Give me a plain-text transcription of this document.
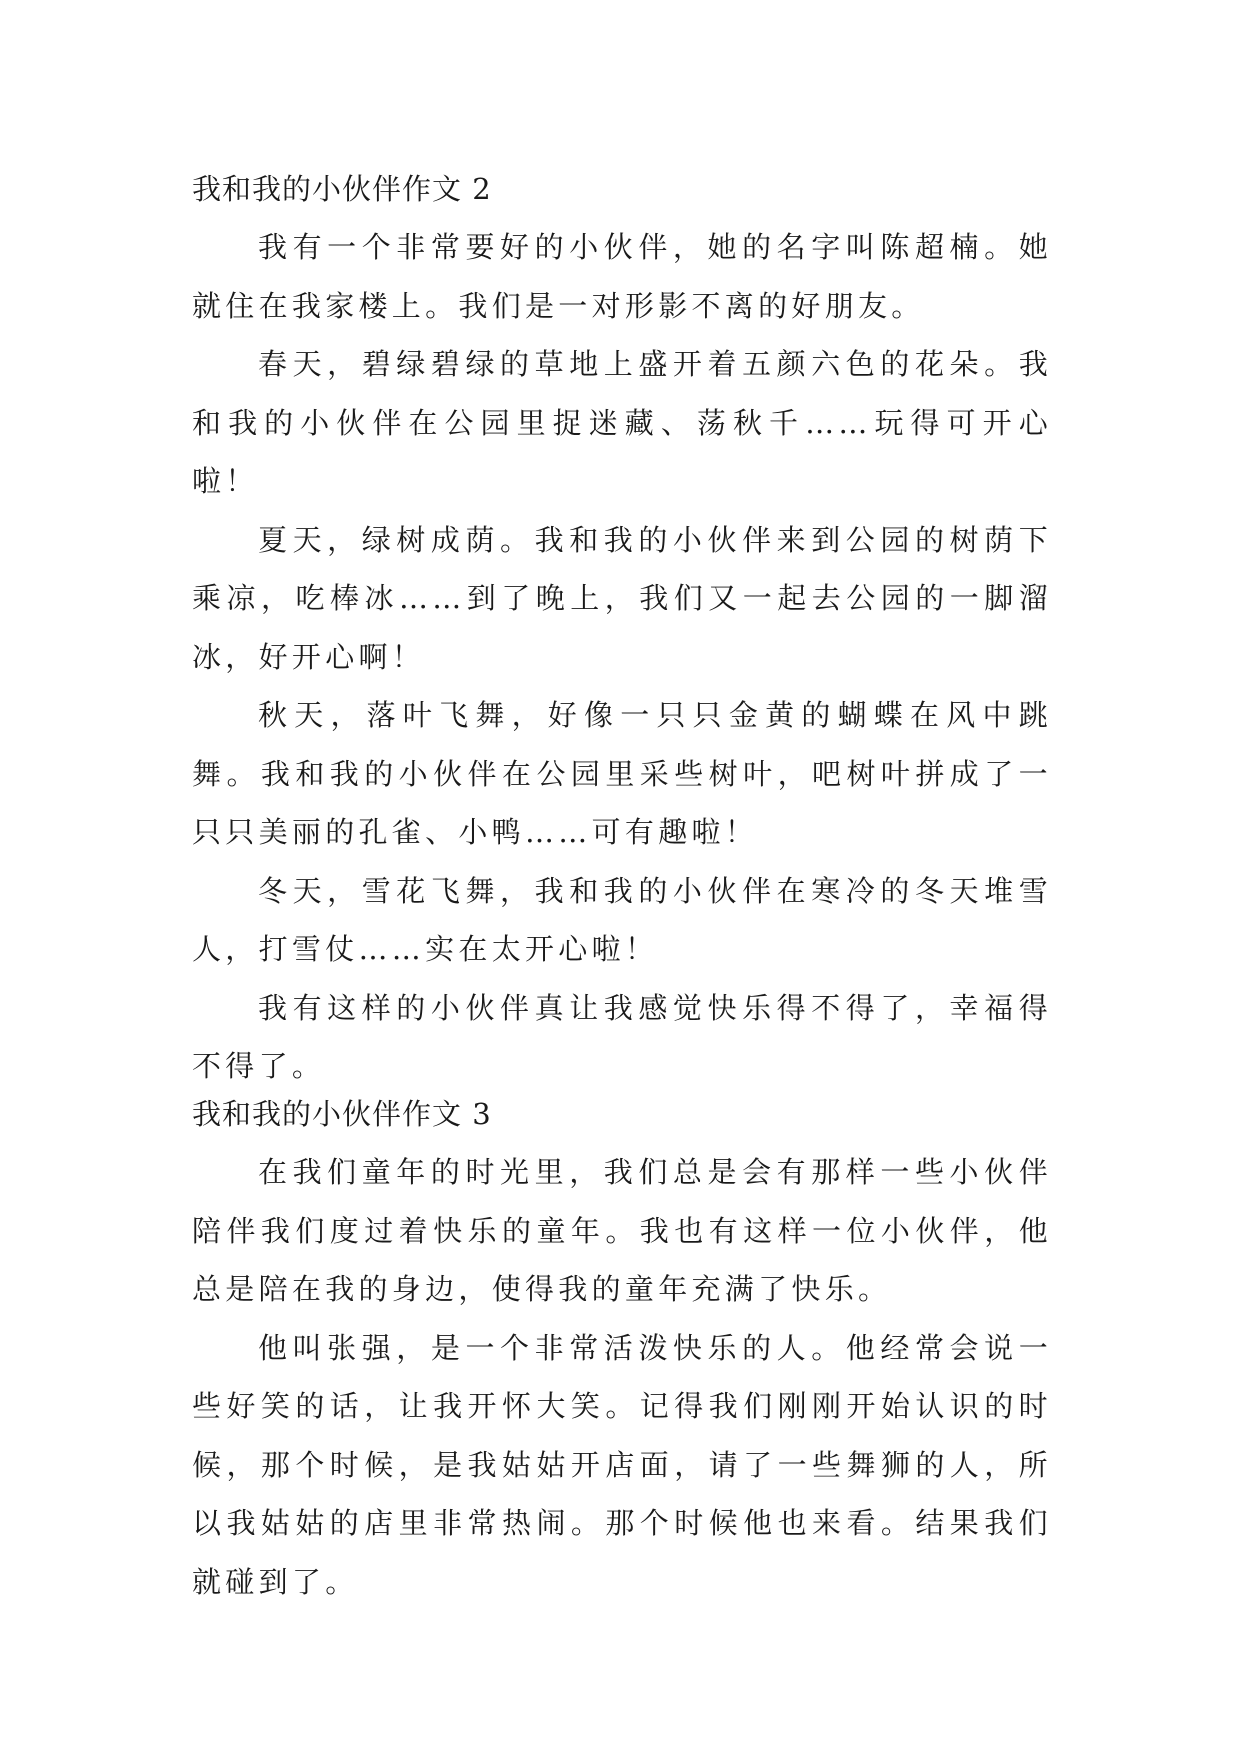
我和我的小伙伴作文 2

我有一个非常要好的小伙伴，她的名字叫陈超楠。她就住在我家楼上。我们是一对形影不离的好朋友。

春天，碧绿碧绿的草地上盛开着五颜六色的花朵。我和我的小伙伴在公园里捉迷藏、荡秋千……玩得可开心啦！

夏天，绿树成荫。我和我的小伙伴来到公园的树荫下乘凉，吃棒冰……到了晚上，我们又一起去公园的一脚溜冰，好开心啊！

秋天，落叶飞舞，好像一只只金黄的蝴蝶在风中跳舞。我和我的小伙伴在公园里采些树叶，吧树叶拼成了一只只美丽的孔雀、小鸭……可有趣啦！

冬天，雪花飞舞，我和我的小伙伴在寒冷的冬天堆雪人，打雪仗……实在太开心啦！

我有这样的小伙伴真让我感觉快乐得不得了，幸福得不得了。

我和我的小伙伴作文 3

在我们童年的时光里，我们总是会有那样一些小伙伴陪伴我们度过着快乐的童年。我也有这样一位小伙伴，他总是陪在我的身边，使得我的童年充满了快乐。

他叫张强，是一个非常活泼快乐的人。他经常会说一些好笑的话，让我开怀大笑。记得我们刚刚开始认识的时候，那个时候，是我姑姑开店面，请了一些舞狮的人，所以我姑姑的店里非常热闹。那个时候他也来看。结果我们就碰到了。
